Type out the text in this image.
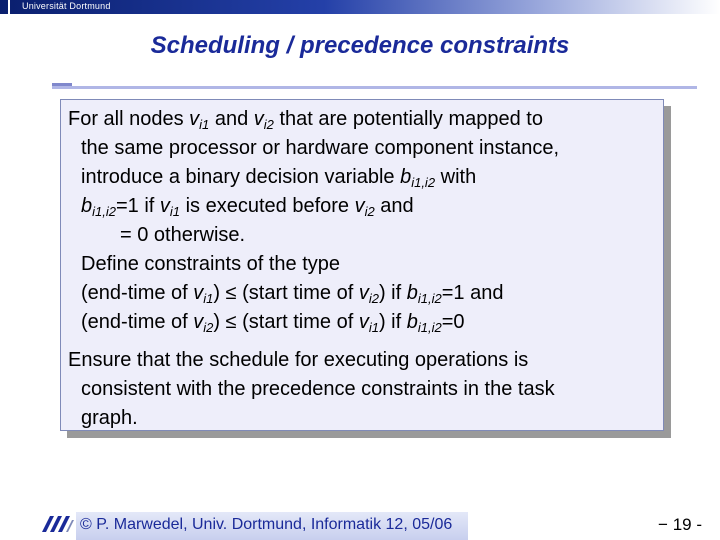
Universität Dortmund
Scheduling / precedence constraints
For all nodes $v_{i1}$ and $v_{i2}$ that are potentially mapped to
the same processor or hardware component instance,
introduce a binary decision variable $b_{i1,i2}$ with
$b_{i1,i2}=1$ if $v_{i1}$ is executed before $v_{i2}$ and
= 0 otherwise.
Define constraints of the type
(end-time of $v_{i1}$) ≤ (start time of $v_{i2}$) if $b_{i1,i2}=1$ and
(end-time of $v_{i2}$) ≤ (start time of $v_{i1}$) if $b_{i1,i2}=0$
Ensure that the schedule for executing operations is
consistent with the precedence constraints in the task
graph.
© P. Marwedel, Univ. Dortmund, Informatik 12, 05/06	− 19 -
